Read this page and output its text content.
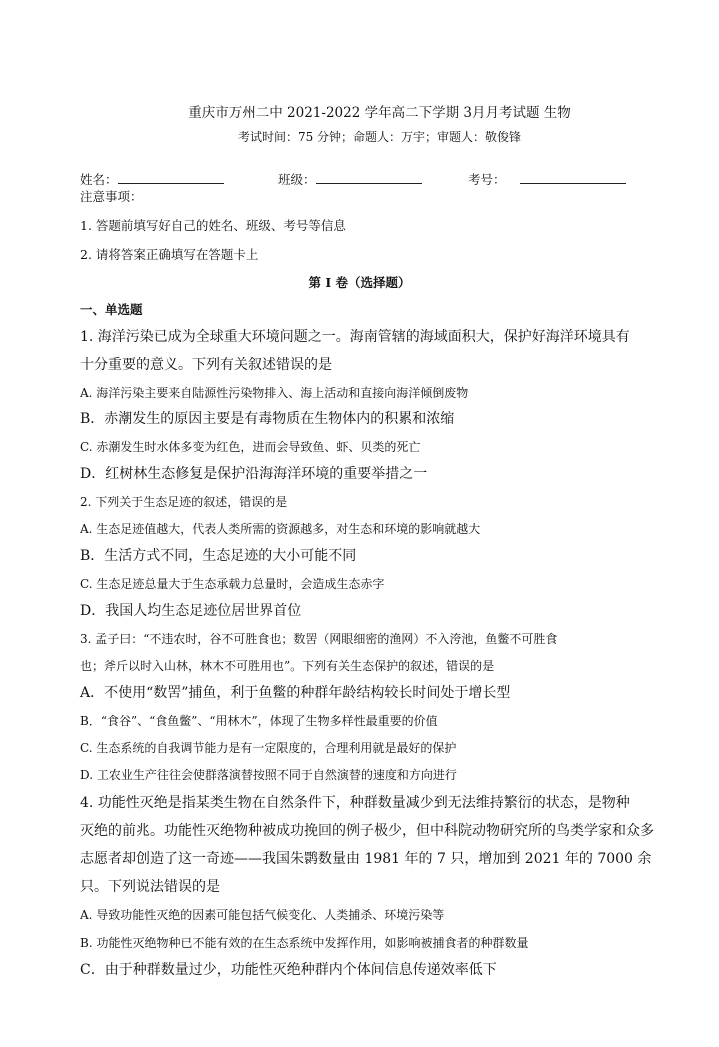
重庆市万州二中 2021-2022 学年高二下学期 3月月考试题 生物
考试时间：75 分钟；命题人：万宇；审题人：敬俊锋
姓名：	班级：	考号：
注意事项：
1. 答题前填写好自己的姓名、班级、考号等信息
2. 请将答案正确填写在答题卡上
第 I 卷（选择题）
一、单选题
1. 海洋污染已成为全球重大环境问题之一。海南管辖的海域面积大，保护好海洋环境具有
十分重要的意义。下列有关叙述错误的是
A. 海洋污染主要来自陆源性污染物排入、海上活动和直接向海洋倾倒废物
B．赤潮发生的原因主要是有毒物质在生物体内的积累和浓缩
C. 赤潮发生时水体多变为红色，进而会导致鱼、虾、贝类的死亡
D．红树林生态修复是保护沿海海洋环境的重要举措之一
2. 下列关于生态足迹的叙述，错误的是
A. 生态足迹值越大，代表人类所需的资源越多，对生态和环境的影响就越大
B．生活方式不同，生态足迹的大小可能不同
C. 生态足迹总量大于生态承载力总量时，会造成生态赤字
D．我国人均生态足迹位居世界首位
3. 孟子曰：“不违农时，谷不可胜食也；数罟（网眼细密的渔网）不入洿池，鱼鳖不可胜食
也；斧斤以时入山林，林木不可胜用也”。下列有关生态保护的叙述，错误的是
A．不使用“数罟”捕鱼，利于鱼鳖的种群年龄结构较长时间处于增长型
B．“食谷”、“食鱼鳖”、“用林木”，体现了生物多样性最重要的价值
C. 生态系统的自我调节能力是有一定限度的，合理利用就是最好的保护
D. 工农业生产往往会使群落演替按照不同于自然演替的速度和方向进行
4. 功能性灭绝是指某类生物在自然条件下，种群数量减少到无法维持繁衍的状态，是物种
灭绝的前兆。功能性灭绝物种被成功挽回的例子极少，但中科院动物研究所的鸟类学家和众多
志愿者却创造了这一奇迹——我国朱鹮数量由 1981 年的 7 只，增加到 2021 年的 7000 余
只。下列说法错误的是
A. 导致功能性灭绝的因素可能包括气候变化、人类捕杀、环境污染等
B. 功能性灭绝物种已不能有效的在生态系统中发挥作用，如影响被捕食者的种群数量
C．由于种群数量过少，功能性灭绝种群内个体间信息传递效率低下
